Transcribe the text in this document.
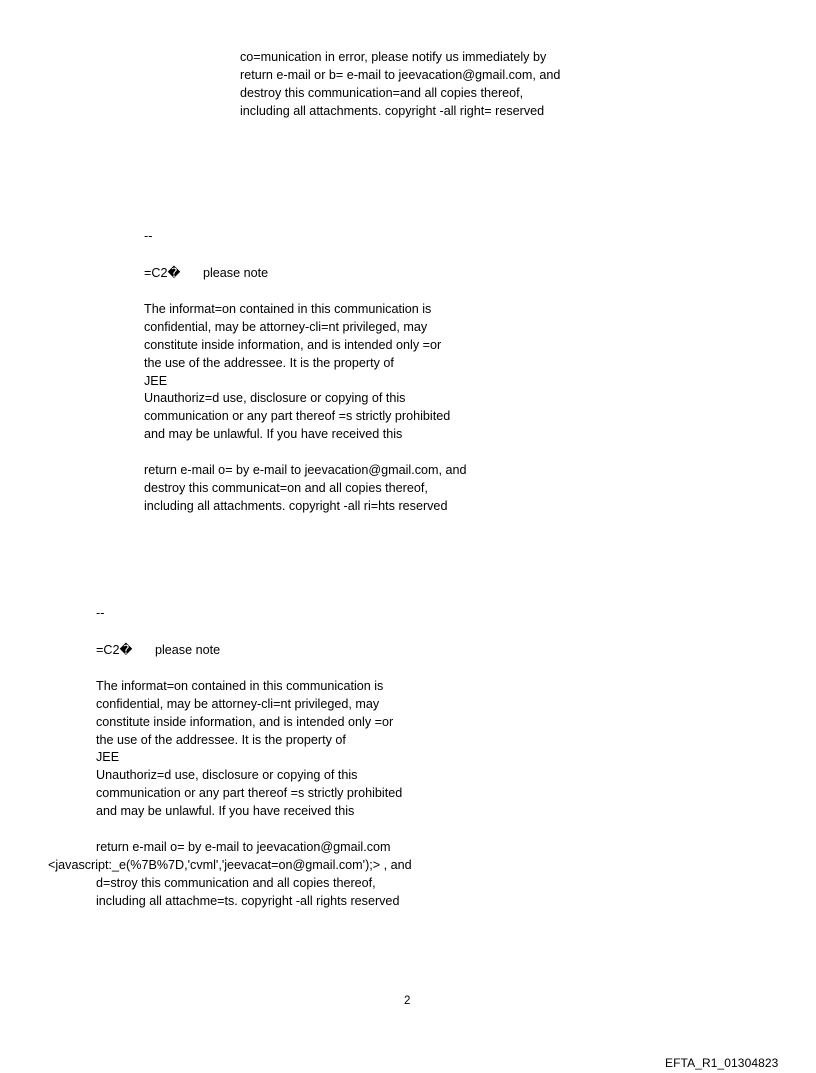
co=munication in error, please notify us immediately by
return e-mail or b= e-mail to jeevacation@gmail.com, and
destroy this communication=and all copies thereof,
including all attachments. copyright -all right= reserved
--
=C2� please note
The informat=on contained in this communication is
confidential, may be attorney-cli=nt privileged, may
constitute inside information, and is intended only =or
the use of the addressee. It is the property of
JEE
Unauthoriz=d use, disclosure or copying of this
communication or any part thereof =s strictly prohibited
and may be unlawful. If you have received this
return e-mail o= by e-mail to jeevacation@gmail.com, and
destroy this communicat=on and all copies thereof,
including all attachments. copyright -all ri=hts reserved
--
=C2� please note
The informat=on contained in this communication is
confidential, may be attorney-cli=nt privileged, may
constitute inside information, and is intended only =or
the use of the addressee. It is the property of
JEE
Unauthoriz=d use, disclosure or copying of this
communication or any part thereof =s strictly prohibited
and may be unlawful. If you have received this
return e-mail o= by e-mail to jeevacation@gmail.com
<javascript:_e(%7B%7D,'cvml','jeevacat=on@gmail.com');> , and
d=stroy this communication and all copies thereof,
including all attachme=ts. copyright -all rights reserved
2
EFTA_R1_01304823
